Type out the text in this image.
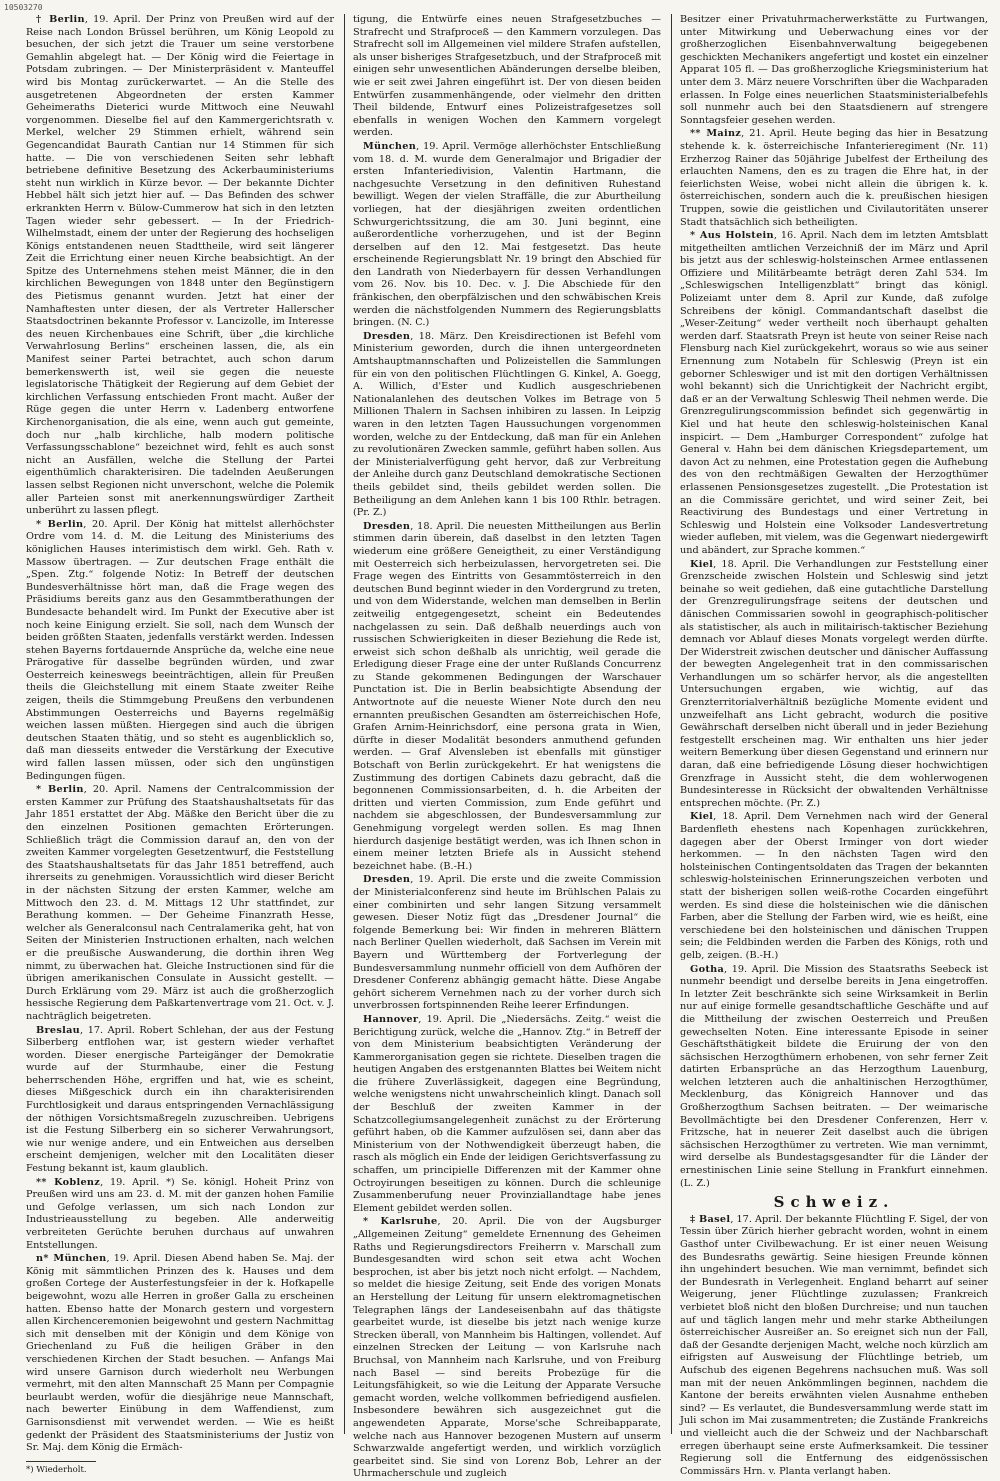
10503270

† Berlin, 19. April. Der Prinz von Preußen wird auf der Reise nach London Brüssel berühren, um König Leopold zu besuchen, der sich jetzt die Trauer um seine verstorbene Gemahlin abgelegt hat. — Der König wird die Feiertage in Potsdam zubringen. — Der Ministerpräsident v. Manteuffel wird bis Montag zurückerwartet. — An die Stelle des ausgetretenen Abgeordneten der ersten Kammer Geheimeraths Dieterici wurde Mittwoch eine Neuwahl vorgenommen. Dieselbe fiel auf den Kammergerichtsrath v. Merkel, welcher 29 Stimmen erhielt, während sein Gegencandidat Baurath Cantian nur 14 Stimmen für sich hatte. — Die von verschiedenen Seiten sehr lebhaft betriebene definitive Besetzung des Ackerbauministeriums steht nun wirklich in Kürze bevor. — Der bekannte Dichter Hebbel hält sich jetzt hier auf. — Das Befinden des schwer erkrankten Herrn v. Bülow-Cummerow hat sich in den letzten Tagen wieder sehr gebessert. — In der Friedrich-Wilhelmstadt, einem der unter der Regierung des hochseligen Königs entstandenen neuen Stadttheile, wird seit längerer Zeit die Errichtung einer neuen Kirche beabsichtigt. An der Spitze des Unternehmens stehen meist Männer, die in den kirchlichen Bewegungen von 1848 unter den Begünstigern des Pietismus genannt wurden. Jetzt hat einer der Namhaftesten unter diesen, der als Vertreter Hallerscher Staatsdoctrinen bekannte Professor v. Lancizolle, im Interesse des neuen Kirchenbaues eine Schrift, über „die kirchliche Verwahrlosung Berlins“ erscheinen lassen, die, als ein Manifest seiner Partei betrachtet, auch schon darum bemerkenswerth ist, weil sie gegen die neueste legislatorische Thätigkeit der Regierung auf dem Gebiet der kirchlichen Verfassung entschieden Front macht. Außer der Rüge gegen die unter Herrn v. Ladenberg entworfene Kirchenorganisation, die als eine, wenn auch gut gemeinte, doch nur „halb kirchliche, halb modern politische Verfassungsschablone“ bezeichnet wird, fehlt es auch sonst nicht an Ausfällen, welche die Stellung der Partei eigenthümlich charakterisiren. Die tadelnden Aeußerungen lassen selbst Regionen nicht unverschont, welche die Polemik aller Parteien sonst mit anerkennungswürdiger Zartheit unberührt zu lassen pflegt.

* Berlin, 20. April. Der König hat mittelst allerhöchster Ordre vom 14. d. M. die Leitung des Ministeriums des königlichen Hauses interimistisch dem wirkl. Geh. Rath v. Massow übertragen. — Zur deutschen Frage enthält die „Spen. Ztg.“ folgende Notiz: In Betreff der deutschen Bundesverhältnisse hört man, daß die Frage wegen des Präsidiums bereits ganz aus den Gesammtberathungen der Bundesacte behandelt wird. Im Punkt der Executive aber ist noch keine Einigung erzielt. Sie soll, nach dem Wunsch der beiden größten Staaten, jedenfalls verstärkt werden. Indessen stehen Bayerns fortdauernde Ansprüche da, welche eine neue Prärogative für dasselbe begründen würden, und zwar Oesterreich keineswegs beeinträchtigen, allein für Preußen theils die Gleichstellung mit einem Staate zweiter Reihe zeigen, theils die Stimmgebung Preußens den verbundenen Abstimmungen Oesterreichs und Bayerns regelmäßig weichen lassen müßten. Hiergegen sind auch die übrigen deutschen Staaten thätig, und so steht es augenblicklich so, daß man diesseits entweder die Verstärkung der Executive wird fallen lassen müssen, oder sich den ungünstigen Bedingungen fügen.

* Berlin, 20. April. Namens der Centralcommission der ersten Kammer zur Prüfung des Staatshaushaltsetats für das Jahr 1851 erstattet der Abg. Mäßke den Bericht über die zu den einzelnen Positionen gemachten Erörterungen. Schließlich trägt die Commission darauf an, den von der zweiten Kammer vorgelegten Gesetzentwurf, die Feststellung des Staatshaushaltsetats für das Jahr 1851 betreffend, auch ihrerseits zu genehmigen. Voraussichtlich wird dieser Bericht in der nächsten Sitzung der ersten Kammer, welche am Mittwoch den 23. d. M. Mittags 12 Uhr stattfindet, zur Berathung kommen. — Der Geheime Finanzrath Hesse, welcher als Generalconsul nach Centralamerika geht, hat von Seiten der Ministerien Instructionen erhalten, nach welchen er die preußische Auswanderung, die dorthin ihren Weg nimmt, zu überwachen hat. Gleiche Instructionen sind für die übrigen amerikanischen Consulate in Aussicht gestellt. — Durch Erklärung vom 29. März ist auch die großherzoglich hessische Regierung dem Paßkartenvertrage vom 21. Oct. v. J. nachträglich beigetreten.

Breslau, 17. April. Robert Schlehan, der aus der Festung Silberberg entflohen war, ist gestern wieder verhaftet worden. Dieser energische Parteigänger der Demokratie wurde auf der Sturmhaube, einer die Festung beherrschenden Höhe, ergriffen und hat, wie es scheint, dieses Mißgeschick durch ein ihn charakterisirenden Furchtlosigkeit und daraus entspringenden Vernachlässigung der nöthigen Vorsichtsmaßregeln zuzuschreiben. Uebrigens ist die Festung Silberberg ein so sicherer Verwahrungsort, wie nur wenige andere, und ein Entweichen aus derselben erscheint demjenigen, welcher mit den Localitäten dieser Festung bekannt ist, kaum glaublich.

** Koblenz, 19. April. *) Se. königl. Hoheit Prinz von Preußen wird uns am 23. d. M. mit der ganzen hohen Familie und Gefolge verlassen, um sich nach London zur Industrieausstellung zu begeben. Alle anderweitig verbreiteten Gerüchte beruhen durchaus auf unwahren Entstellungen.

n* München, 19. April. Diesen Abend haben Se. Maj. der König mit sämmtlichen Prinzen des k. Hauses und dem großen Cortege der Austerfestungsfeier in der k. Hofkapelle beigewohnt, wozu alle Herren in großer Galla zu erscheinen hatten. Ebenso hatte der Monarch gestern und vorgestern allen Kirchenceremonien beigewohnt und gestern Nachmittag sich mit denselben mit der Königin und dem Könige von Griechenland zu Fuß die heiligen Gräber in den verschiedenen Kirchen der Stadt besuchen. — Anfangs Mai wird unsere Garnison durch wiederholt neu Werbungen vermehrt, mit den alten Mannschaft 25 Mann per Compagnie beurlaubt werden, wofür die diesjährige neue Mannschaft, nach bewerter Einübung in dem Waffendienst, zum Garnisonsdienst mit verwendet werden. — Wie es heißt gedenkt der Präsident des Staatsministeriums der Justiz von Sr. Maj. dem König die Ermäch-

*) Wiederholt.

tigung, die Entwürfe eines neuen Strafgesetzbuches — Strafrecht und Strafproceß — den Kammern vorzulegen. Das Strafrecht soll im Allgemeinen viel mildere Strafen aufstellen, als unser bisheriges Strafgesetzbuch, und der Strafproceß mit einigen sehr unwesentlichen Abänderungen derselbe bleiben, wie er seit zwei Jahren eingeführt ist. Der von diesen beiden Entwürfen zusammenhängende, oder vielmehr den dritten Theil bildende, Entwurf eines Polizeistrafgesetzes soll ebenfalls in wenigen Wochen den Kammern vorgelegt werden.

München, 19. April. Vermöge allerhöchster Entschließung vom 18. d. M. wurde dem Generalmajor und Brigadier der ersten Infanteriedivision, Valentin Hartmann, die nachgesuchte Versetzung in den definitiven Ruhestand bewilligt. Wegen der vielen Straffälle, die zur Aburtheilung vorliegen, hat der diesjährigen zweiten ordentlichen Schwurgerichtssitzung, die am 30. Juni beginnt, eine außerordentliche vorherzugehen, und ist der Beginn derselben auf den 12. Mai festgesetzt. Das heute erscheinende Regierungsblatt Nr. 19 bringt den Abschied für den Landrath von Niederbayern für dessen Verhandlungen vom 26. Nov. bis 10. Dec. v. J. Die Abschiede für den fränkischen, den oberpfälzischen und den schwäbischen Kreis werden die nächstfolgenden Nummern des Regierungsblatts bringen. (N. C.)

Dresden, 18. März. Den Kreisdirectionen ist Befehl vom Ministerium geworden, durch die ihnen untergeordneten Amtshauptmannschaften und Polizeistellen die Sammlungen für ein von den politischen Flüchtlingen G. Kinkel, A. Goegg, A. Willich, d'Ester und Kudlich ausgeschriebenen Nationalanlehen des deutschen Volkes im Betrage von 5 Millionen Thalern in Sachsen inhibiren zu lassen. In Leipzig waren in den letzten Tagen Haussuchungen vorgenommen worden, welche zu der Entdeckung, daß man für ein Anlehen zu revolutionären Zwecken sammle, geführt haben sollen. Aus der Ministerialverfügung geht hervor, daß zur Verbreitung der Anleihe durch ganz Deutschland demokratische Sectionen theils gebildet sind, theils gebildet werden sollen. Die Betheiligung an dem Anlehen kann 1 bis 100 Rthlr. betragen. (Pr. Z.)

Dresden, 18. April. Die neuesten Mittheilungen aus Berlin stimmen darin überein, daß daselbst in den letzten Tagen wiederum eine größere Geneigtheit, zu einer Verständigung mit Oesterreich sich herbeizulassen, hervorgetreten sei. Die Frage wegen des Eintritts von Gesammtösterreich in den deutschen Bund beginnt wieder in den Vordergrund zu treten, und von dem Widerstande, welchen man demselben in Berlin zeitweilig entgegengesetzt, scheint ein Bedeutendes nachgelassen zu sein. Daß deßhalb neuerdings auch von russischen Schwierigkeiten in dieser Beziehung die Rede ist, erweist sich schon deßhalb als unrichtig, weil gerade die Erledigung dieser Frage eine der unter Rußlands Concurrenz zu Stande gekommenen Bedingungen der Warschauer Punctation ist. Die in Berlin beabsichtigte Absendung der Antwortnote auf die neueste Wiener Note durch den neu ernannten preußischen Gesandten am österreichischen Hofe, Grafen Arnim-Heinrichsdorf, eine persona grata in Wien, dürfte in dieser Modalität besonders anmuthend gefunden werden. — Graf Alvensleben ist ebenfalls mit günstiger Botschaft von Berlin zurückgekehrt. Er hat wenigstens die Zustimmung des dortigen Cabinets dazu gebracht, daß die begonnenen Commissionsarbeiten, d. h. die Arbeiten der dritten und vierten Commission, zum Ende geführt und nachdem sie abgeschlossen, der Bundesversammlung zur Genehmigung vorgelegt werden sollen. Es mag Ihnen hierdurch dasjenige bestätigt werden, was ich Ihnen schon in einem meiner letzten Briefe als in Aussicht stehend bezeichnet habe. (B.-H.)

Dresden, 19. April. Die erste und die zweite Commission der Ministerialconferenz sind heute im Brühlschen Palais zu einer combinirten und sehr langen Sitzung versammelt gewesen. Dieser Notiz fügt das „Dresdener Journal“ die folgende Bemerkung bei: Wir finden in mehreren Blättern nach Berliner Quellen wiederholt, daß Sachsen im Verein mit Bayern und Württemberg der Fortverlegung der Bundesversammlung nunmehr officiell von dem Aufhören der Dresdener Conferenz abhängig gemacht hätte. Diese Angabe gehört sicherem Vernehmen nach zu der vorher durch sich unverbrossen fortspinnenden Reihe leerer Erfindungen.

Hannover, 19. April. Die „Niedersächs. Zeitg.“ weist die Berichtigung zurück, welche die „Hannov. Ztg.“ in Betreff der von dem Ministerium beabsichtigten Veränderung der Kammerorganisation gegen sie richtete. Dieselben tragen die heutigen Angaben des erstgenannten Blattes bei Weitem nicht die frühere Zuverlässigkeit, dagegen eine Begründung, welche wenigstens nicht unwahrscheinlich klingt. Danach soll der Beschluß der zweiten Kammer in der Schatzcollegiumsangelegenheit zunächst zu der Erörterung geführt haben, ob die Kammer aufzulösen sei, dann aber das Ministerium von der Nothwendigkeit überzeugt haben, die rasch als möglich ein Ende der leidigen Gerichtsverfassung zu schaffen, um principielle Differenzen mit der Kammer ohne Octroyirungen beseitigen zu können. Durch die schleunige Zusammenberufung neuer Provinziallandtage habe jenes Element gebildet werden sollen.

* Karlsruhe, 20. April. Die von der Augsburger „Allgemeinen Zeitung“ gemeldete Ernennung des Geheimen Raths und Regierungsdirectors Freiherrn v. Marschall zum Bundesgesandten wird schon seit etwa acht Wochen besprochen, ist aber bis jetzt noch nicht erfolgt. — Nachdem, so meldet die hiesige Zeitung, seit Ende des vorigen Monats an Herstellung der Leitung für unsern elektromagnetischen Telegraphen längs der Landeseisenbahn auf das thätigste gearbeitet wurde, ist dieselbe bis jetzt nach wenige kurze Strecken überall, von Mannheim bis Haltingen, vollendet. Auf einzelnen Strecken der Leitung — von Karlsruhe nach Bruchsal, von Mannheim nach Karlsruhe, und von Freiburg nach Basel — sind bereits Probezüge für die Leitungsfähigkeit, so wie die Leitung der Apparate Versuche gemacht worden, welche vollkommen befriedigend ausfielen. Insbesondere bewähren sich ausgezeichnet gut die angewendeten Apparate, Morse'sche Schreibapparate, welche nach aus Hannover bezogenen Mustern auf unserm Schwarzwalde angefertigt werden, und wirklich vorzüglich gearbeitet sind. Sie sind von Lorenz Bob, Lehrer an der Uhrmacherschule und zugleich

Besitzer einer Privatuhrmacherwerkstätte zu Furtwangen, unter Mitwirkung und Ueberwachung eines vor der großherzoglichen Eisenbahnverwaltung beigegebenen geschickten Mechanikers angefertigt und kostet ein einzelner Apparat 105 fl. — Das großherzogliche Kriegsministerium hat unter dem 3. März neuere Vorschriften über die Wachparaden erlassen. In Folge eines neuerlichen Staatsministerialbefehls soll nunmehr auch bei den Staatsdienern auf strengere Sonntagsfeier gesehen werden.

** Mainz, 21. April. Heute beging das hier in Besatzung stehende k. k. österreichische Infanterieregiment (Nr. 11) Erzherzog Rainer das 50jährige Jubelfest der Ertheilung des erlauchten Namens, den es zu tragen die Ehre hat, in der feierlichsten Weise, wobei nicht allein die übrigen k. k. österreichischen, sondern auch die k. preußischen hiesigen Truppen, sowie die geistlichen und Civilautoritäten unserer Stadt thatsächlich sich betheiligten.

* Aus Holstein, 16. April. Nach dem im letzten Amtsblatt mitgetheilten amtlichen Verzeichniß der im März und April bis jetzt aus der schleswig-holsteinschen Armee entlassenen Offiziere und Militärbeamte beträgt deren Zahl 534. Im „Schleswigschen Intelligenzblatt“ bringt das königl. Polizeiamt unter dem 8. April zur Kunde, daß zufolge Schreibens der königl. Commandantschaft daselbst die „Weser-Zeitung“ weder vertheilt noch überhaupt gehalten werden darf. Staatsrath Preyn ist heute von seiner Reise nach Flensburg nach Kiel zurückgekehrt, woraus so wie aus seiner Ernennung zum Notabeln für Schleswig (Preyn ist ein geborner Schleswiger und ist mit den dortigen Verhältnissen wohl bekannt) sich die Unrichtigkeit der Nachricht ergibt, daß er an der Verwaltung Schleswig Theil nehmen werde. Die Grenzregulirungscommission befindet sich gegenwärtig in Kiel und hat heute den schleswig-holsteinischen Kanal inspicirt. — Dem „Hamburger Correspondent“ zufolge hat General v. Hahn bei dem dänischen Kriegsdepartement, um davon Act zu nehmen, eine Protestation gegen die Aufhebung des von den rechtmäßigen Gewalten der Herzogthümer erlassenen Pensionsgesetzes zugestellt. „Die Protestation ist an die Commissäre gerichtet, und wird seiner Zeit, bei Reactivirung des Bundestags und einer Vertretung in Schleswig und Holstein eine Volksoder Landesvertretung wieder aufleben, mit vielem, was die Gegenwart niedergewirft und abändert, zur Sprache kommen.“

Kiel, 18. April. Die Verhandlungen zur Feststellung einer Grenzscheide zwischen Holstein und Schleswig sind jetzt beinahe so weit gediehen, daß eine gutachtliche Darstellung der Grenzregulirungsfrage seitens der deutschen und dänischen Commissarien sowohl in geographisch-politischer als statistischer, als auch in militairisch-taktischer Beziehung demnach vor Ablauf dieses Monats vorgelegt werden dürfte. Der Widerstreit zwischen deutscher und dänischer Auffassung der bewegten Angelegenheit trat in den commissarischen Verhandlungen um so schärfer hervor, als die angestellten Untersuchungen ergaben, wie wichtig, auf das Grenzterritorialverhältniß bezügliche Momente evident und unzweifelhaft ans Licht gebracht, wodurch die positive Gewährschaft derselben nicht überall und in jeder Beziehung festgestellt erscheinen mag. Wir enthalten uns hier jeder weitern Bemerkung über diesen Gegenstand und erinnern nur daran, daß eine befriedigende Lösung dieser hochwichtigen Grenzfrage in Aussicht steht, die dem wohlerwogenen Bundesinteresse in Rücksicht der obwaltenden Verhältnisse entsprechen möchte. (Pr. Z.)

Kiel, 18. April. Dem Vernehmen nach wird der General Bardenfleth ehestens nach Kopenhagen zurückkehren, dagegen aber der Oberst Irminger von dort wieder herkommen. — In den nächsten Tagen wird den holsteinischen Contingentsoldaten das Tragen der bekannten schleswig-holsteinischen Erinnerungszeichen verboten und statt der bisherigen sollen weiß-rothe Cocarden eingeführt werden. Es sind diese die holsteinischen wie die dänischen Farben, aber die Stellung der Farben wird, wie es heißt, eine verschiedene bei den holsteinischen und dänischen Truppen sein; die Feldbinden werden die Farben des Königs, roth und gelb, zeigen. (B.-H.)

Gotha, 19. April. Die Mission des Staatsraths Seebeck ist nunmehr beendigt und derselbe bereits in Jena eingetroffen. In letzter Zeit beschränkte sich seine Wirksamkeit in Berlin nur auf einige formelle gesandtschaftliche Geschäfte und auf die Mittheilung der zwischen Oesterreich und Preußen gewechselten Noten. Eine interessante Episode in seiner Geschäftsthätigkeit bildete die Eruirung der von den sächsischen Herzogthümern erhobenen, von sehr ferner Zeit datirten Erbansprüche an das Herzogthum Lauenburg, welchen letzteren auch die anhaltinischen Herzogthümer, Mecklenburg, das Königreich Hannover und das Großherzogthum Sachsen beitraten. — Der weimarische Bevollmächtigte bei den Dresdener Conferenzen, Herr v. Fritzsche, hat in neuerer Zeit daselbst auch die übrigen sächsischen Herzogthümer zu vertreten. Wie man vernimmt, wird derselbe als Bundestagsgesandter für die Länder der ernestinischen Linie seine Stellung in Frankfurt einnehmen. (L. Z.)

Schweiz.

‡ Basel, 17. April. Der bekannte Flüchtling F. Sigel, der von Tessin über Zürich hierher gebracht worden, wohnt in einem Gasthof unter Civilbewachung. Er ist einer neuen Weisung des Bundesraths gewärtig. Seine hiesigen Freunde können ihn ungehindert besuchen. Wie man vernimmt, befindet sich der Bundesrath in Verlegenheit. England beharrt auf seiner Weigerung, jener Flüchtlinge zuzulassen; Frankreich verbietet bloß nicht den bloßen Durchreise; und nun tauchen auf und täglich langen mehr und mehr starke Abtheilungen österreichischer Ausreißer an. So ereignet sich nun der Fall, daß der Gesandte derjenigen Macht, welche noch kürzlich am eifrigsten auf Ausweisung der Flüchtlinge betrieb, um Aufschub des eigenen Begehrens nachsuchen muß. Was soll man mit der neuen Ankömmlingen beginnen, nachdem die Kantone der bereits erwähnten vielen Ausnahme entheben sind? — Es verlautet, die Bundesversammlung werde statt im Juli schon im Mai zusammentreten; die Zustände Frankreichs und vielleicht auch die der Schweiz und der Nachbarschaft erregen überhaupt seine erste Aufmerksamkeit. Die tessiner Regierung soll die Entfernung des eidgenössischen Commissärs Hrn. v. Planta verlangt haben.
